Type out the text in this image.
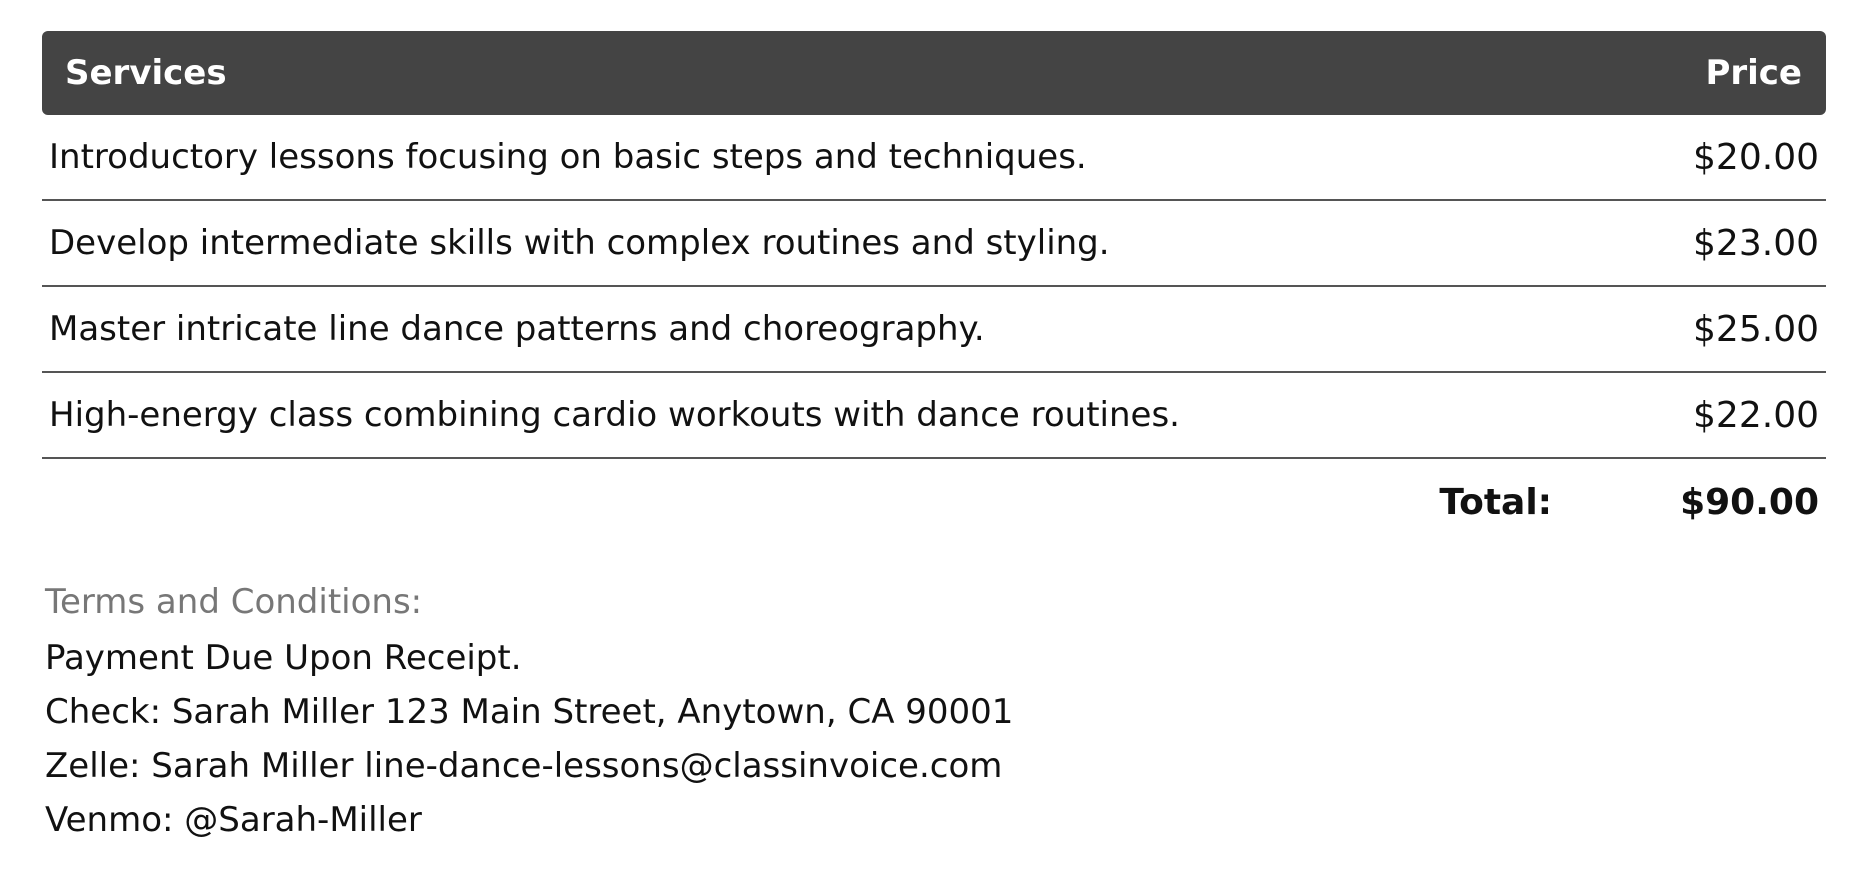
Services	Price
Introductory lessons focusing on basic steps and techniques.	$20.00
Develop intermediate skills with complex routines and styling.	$23.00
Master intricate line dance patterns and choreography.	$25.00
High-energy class combining cardio workouts with dance routines.	$22.00
Total:	$90.00
Terms and Conditions:
Payment Due Upon Receipt.
Check: Sarah Miller 123 Main Street, Anytown, CA 90001
Zelle: Sarah Miller line-dance-lessons@classinvoice.com
Venmo: @Sarah-Miller
